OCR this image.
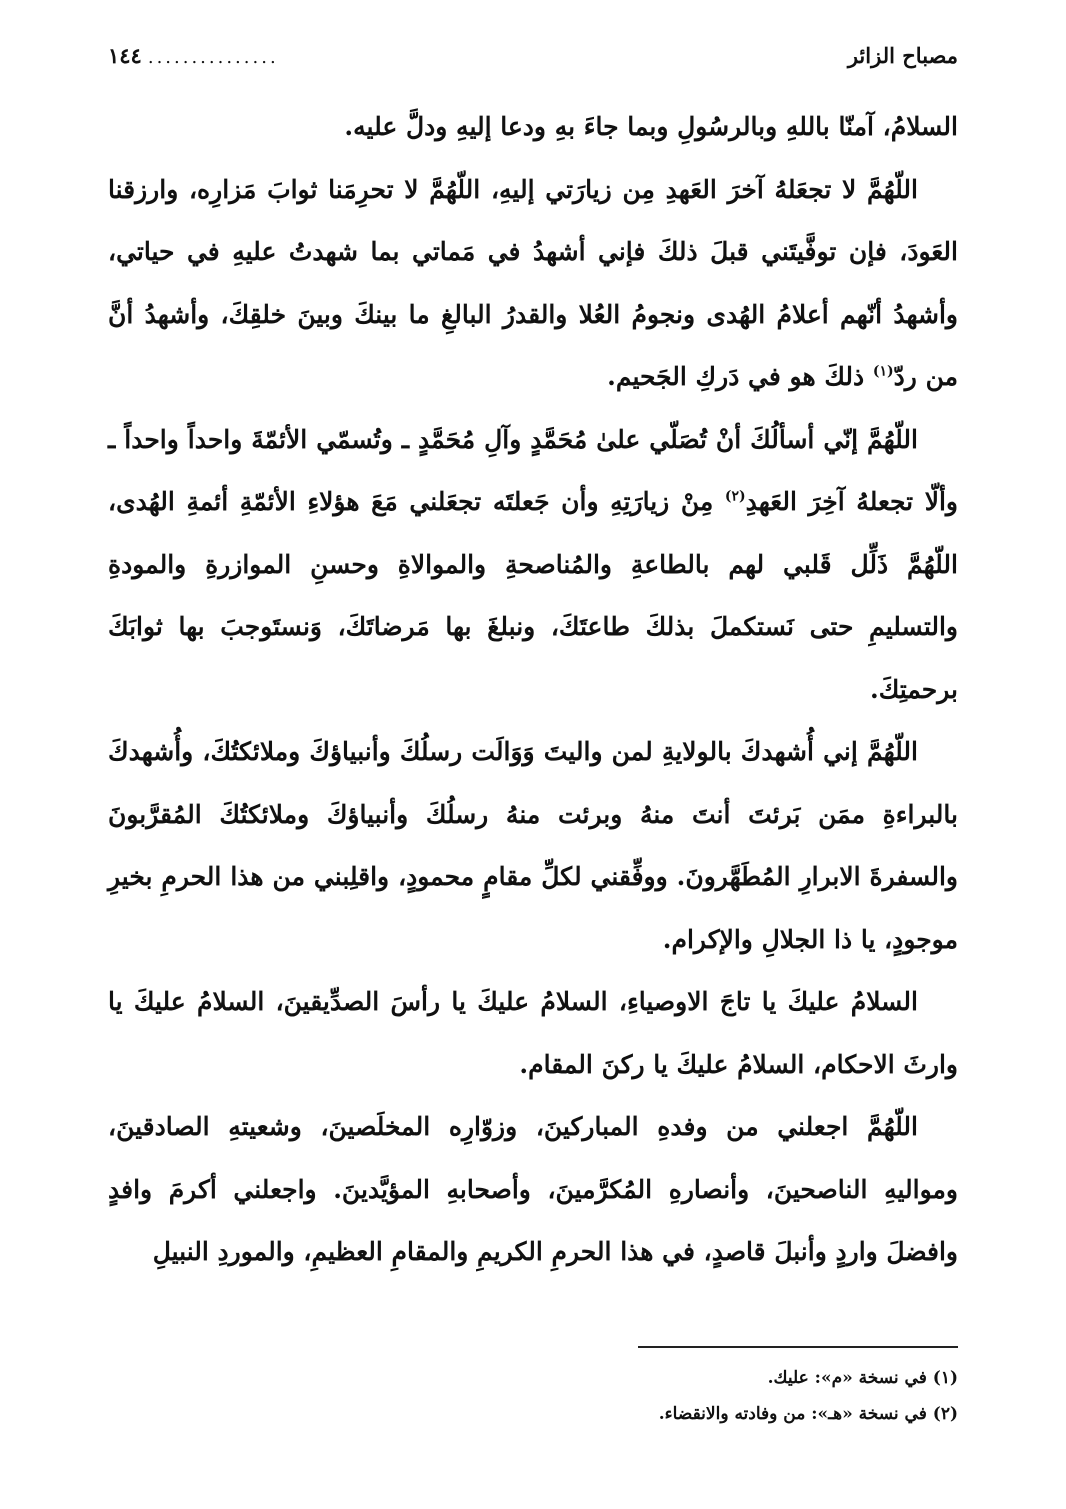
مصباح الزائر
...............
١٤٤

السلامُ، آمنّا باللهِ وبالرسُولِ وبما جاءَ بهِ ودعا إليهِ ودلَّ عليه.

اللّهُمَّ لا تجعَلهُ آخرَ العَهدِ مِن زيارَتي إليهِ، اللّهُمَّ لا تحرِمَنا ثوابَ مَزارِه، وارزقنا العَودَ، فإن توفَّيتَني قبلَ ذلكَ فإني أشهدُ في مَماتي بما شهدتُ عليهِ في حياتي، وأشهدُ أنّهم أعلامُ الهُدى ونجومُ العُلا والقدرُ البالغِ ما بينكَ وبينَ خلقِكَ، وأشهدُ أنَّ من ردّ$^{(١)}$ ذلكَ هو في دَركِ الجَحيم.

اللّهُمَّ إنّي أسألُكَ أنْ تُصَلّي علىٰ مُحَمَّدٍ وآلِ مُحَمَّدٍ ـ وتُسمّي الأئمّةَ واحداً واحداً ـ وألّا تجعلهُ آخِرَ العَهدِ$^{(٢)}$ مِنْ زيارَتِهِ وأن جَعلتَه تجعَلني مَعَ هؤلاءِ الأئمّةِ أئمةِ الهُدى، اللّهُمَّ ذَلِّل قَلبي لهم بالطاعةِ والمُناصحةِ والموالاةِ وحسنِ الموازرةِ والمودةِ والتسليمِ حتى نَستكملَ بذلكَ طاعتَكَ، ونبلغَ بها مَرضاتَكَ، وَنستَوجبَ بها ثوابَكَ برحمتِكَ.

اللّهُمَّ إني أُشهدكَ بالولايةِ لمن واليتَ وَوَالَت رسلُكَ وأنبياؤكَ وملائكتُكَ، وأُشهدكَ بالبراءةِ ممَن بَرئتَ أنتَ منهُ وبرئت منهُ رسلُكَ وأنبياؤكَ وملائكتُكَ المُقرَّبونَ والسفرةَ الابرارِ المُطَهَّرونَ. ووفِّقني لكلِّ مقامٍ محمودٍ، واقلِبني من هذا الحرمِ بخيرِ موجودٍ، يا ذا الجلالِ والإكرام.

السلامُ عليكَ يا تاجَ الاوصياءِ، السلامُ عليكَ يا رأسَ الصدِّيقينَ، السلامُ عليكَ يا وارثَ الاحكام، السلامُ عليكَ يا ركنَ المقام.

اللّهُمَّ اجعلني من وفدهِ المباركينَ، وزوّارِه المخلَصينَ، وشعيتهِ الصادقينَ، ومواليهِ الناصحينَ، وأنصارهِ المُكرَّمينَ، وأصحابهِ المؤيَّدينَ. واجعلني أكرمَ وافدٍ وافضلَ واردٍ وأنبلَ قاصدٍ، في هذا الحرمِ الكريمِ والمقامِ العظيمِ، والموردِ النبيلِ

(١) في نسخة «م»: عليك.
(٢) في نسخة «هـ»: من وفادته والانقضاء.
